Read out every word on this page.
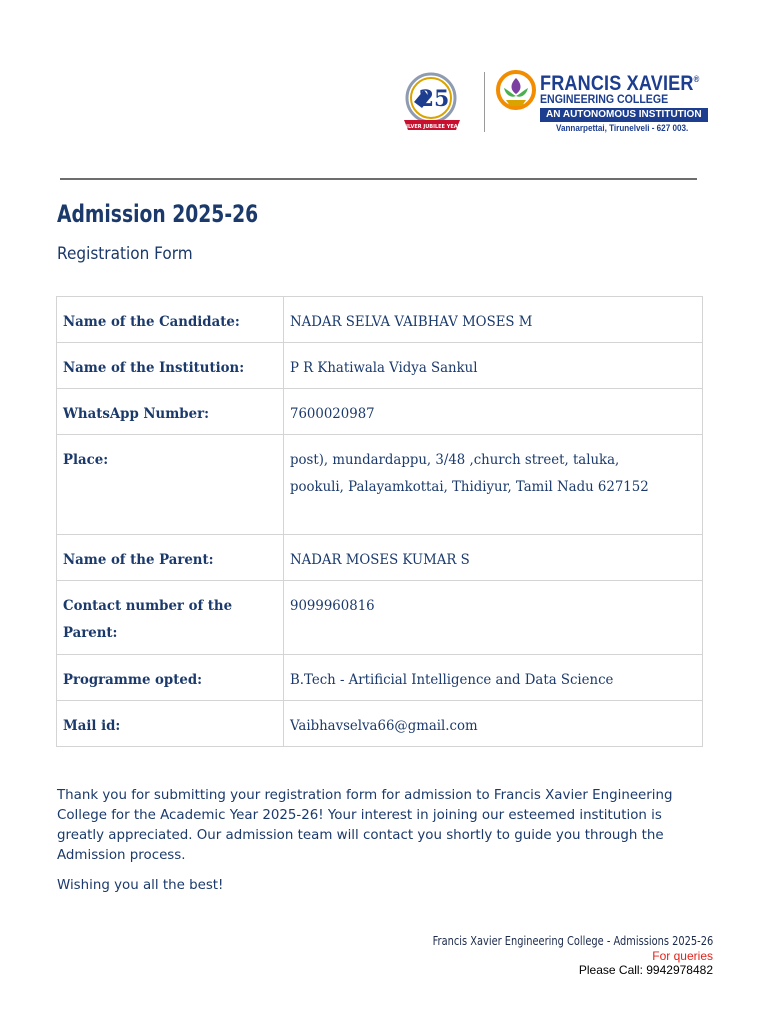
25
SILVER JUBILEE YEAR
FRANCIS XAVIER®
ENGINEERING COLLEGE
AN AUTONOMOUS INSTITUTION
Vannarpettai, Tirunelveli - 627 003.
Admission 2025-26
Registration Form
Name of the Candidate:	NADAR SELVA VAIBHAV MOSES M

Name of the Institution:	P R Khatiwala Vidya Sankul

WhatsApp Number:	7600020987

Place:	post), mundardappu, 3/48 ,church street, taluka, pookuli, Palayamkottai, Thidiyur, Tamil Nadu 627152

Name of the Parent:	NADAR MOSES KUMAR S

Contact number of the Parent:	9099960816

Programme opted:	B.Tech - Artificial Intelligence and Data Science

Mail id:	Vaibhavselva66@gmail.com

Thank you for submitting your registration form for admission to Francis Xavier Engineering College for the Academic Year 2025-26! Your interest in joining our esteemed institution is greatly appreciated. Our admission team will contact you shortly to guide you through the Admission process.

Wishing you all the best!

Francis Xavier Engineering College - Admissions 2025-26
For queries
Please Call: 9942978482
